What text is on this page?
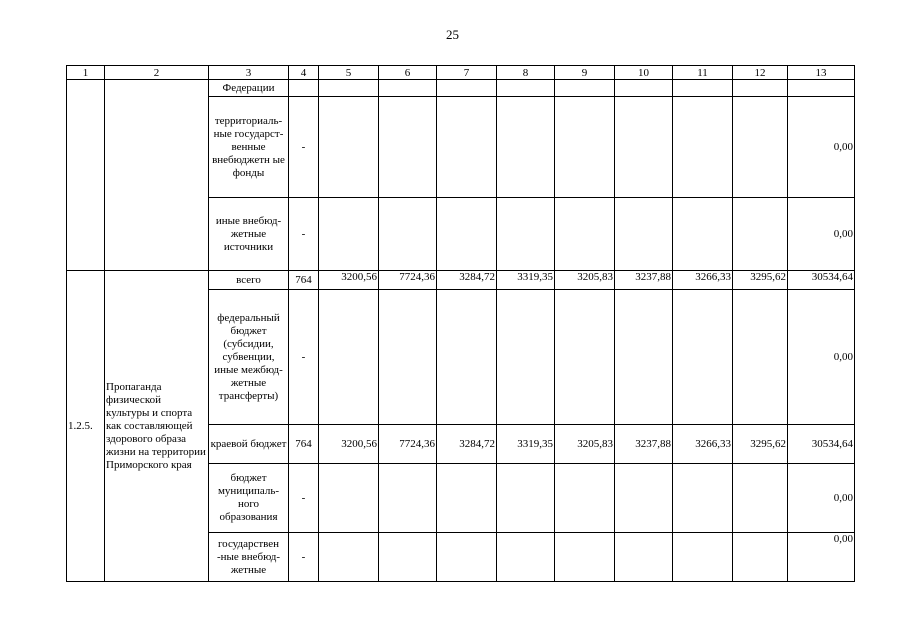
25
1	2	3	4	5	6	7	8	9	10	11	12	13
		Федерации										
		территориаль-ные государст-венные внебюджетн ые фонды	-									0,00
		иные внебюд-жетные источники	-									0,00
1.2.5.	Пропаганда физической культуры и спорта как составляющей здорового образа жизни на территории Приморского края	всего	764	3200,56	7724,36	3284,72	3319,35	3205,83	3237,88	3266,33	3295,62	30534,64
		федеральный бюджет (субсидии, субвенции, иные межбюд-жетные трансферты)	-									0,00
		краевой бюджет	764	3200,56	7724,36	3284,72	3319,35	3205,83	3237,88	3266,33	3295,62	30534,64
		бюджет муниципаль-ного образования	-									0,00
		государствен -ные внебюд-жетные	-									0,00
